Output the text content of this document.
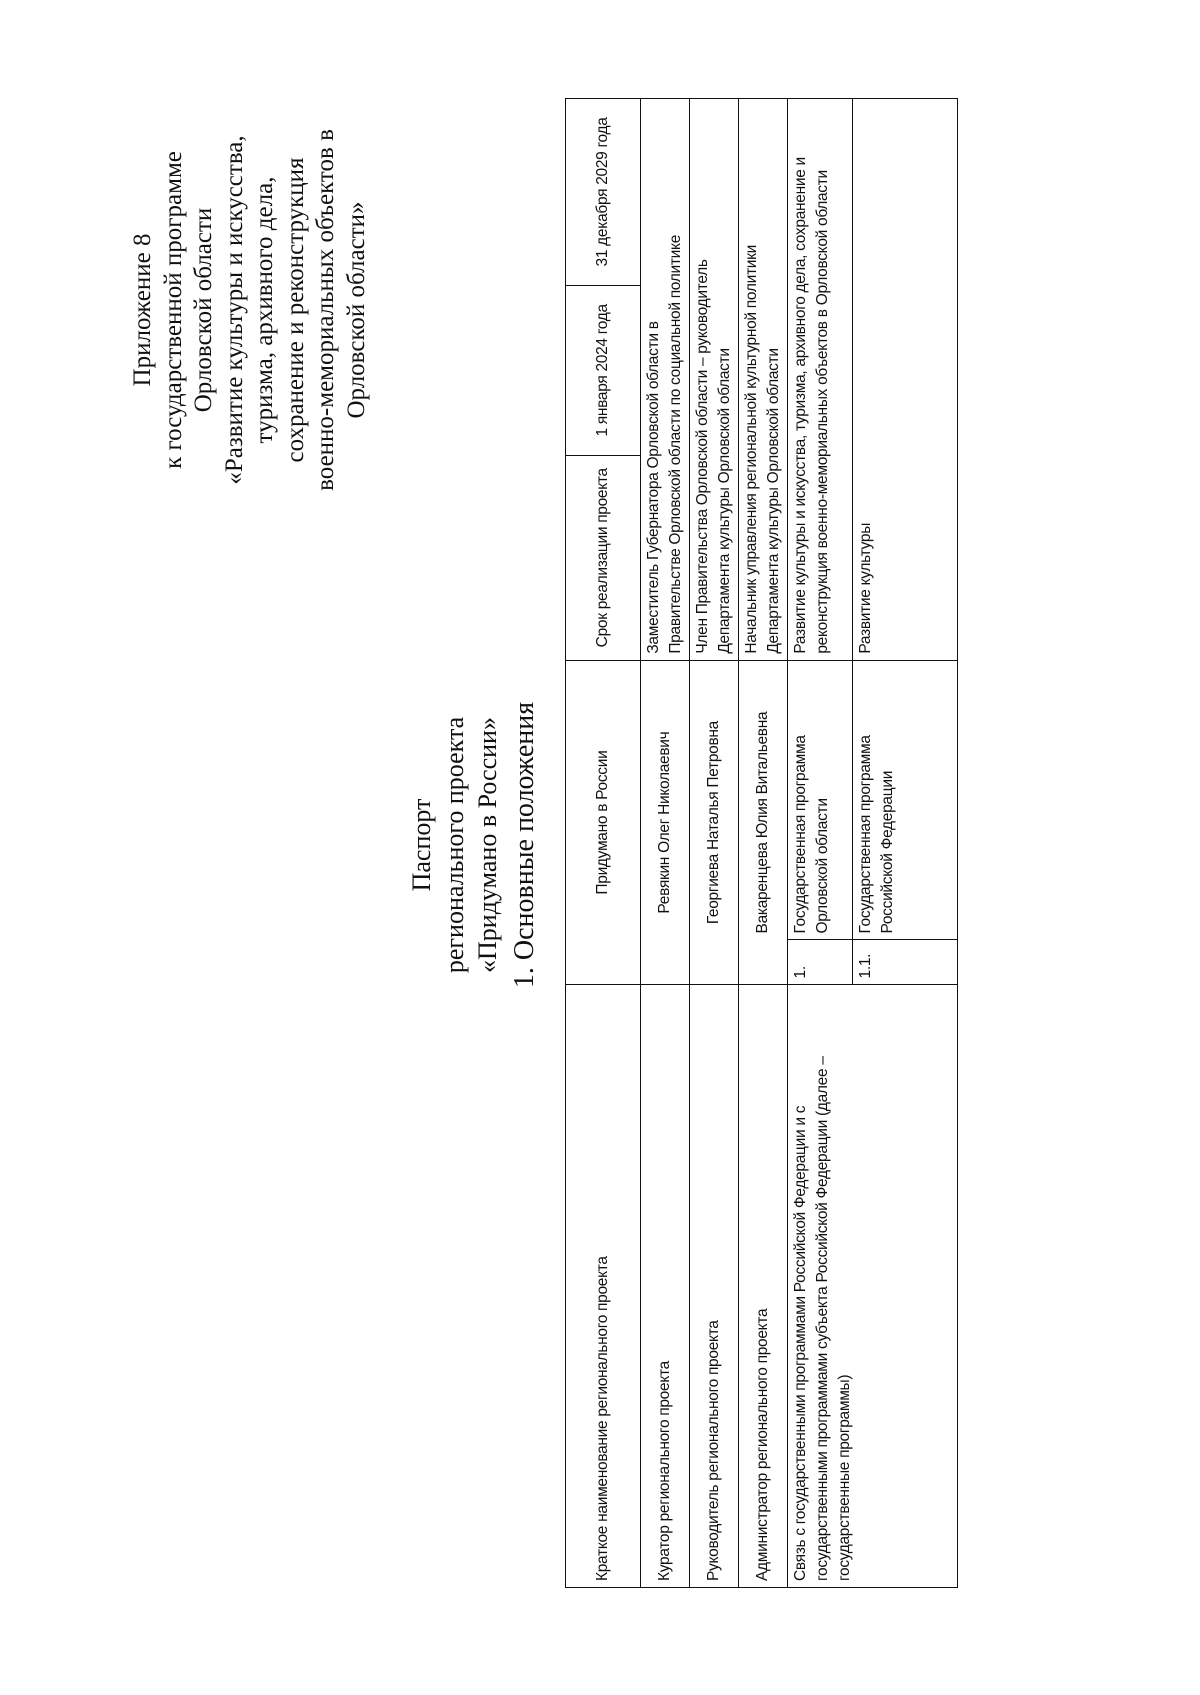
Приложение 8 к государственной программе Орловской области «Развитие культуры и искусства, туризма, архивного дела, сохранение и реконструкция военно-мемориальных объектов в Орловской области»
Паспорт регионального проекта «Придумано в России» 1. Основные положения
Краткое наименование регионального проекта	Придумано в России		Срок реализации проекта	1 января 2024 года	31 декабря 2029 года
Куратор регионального проекта	Ревякин Олег Николаевич		Заместитель Губернатора Орловской области в
Правительстве Орловской области по социальной политике		
Руководитель регионального проекта	Георгиева Наталья Петровна		Член Правительства Орловской области – руководитель
Департамента культуры Орловской области		
Администратор регионального проекта	Вакаренцева Юлия Витальевна		Начальник управления региональной культурной политики
Департамента культуры Орловской области		
Связь с государственными программами Российской Федерации и с государственными программами субъекта Российской Федерации (далее – государственные программы)	1.	Государственная программа Орловской области	Развитие культуры и искусства, туризма, архивного дела, сохранение и реконструкция военно-мемориальных объектов в Орловской области		
	1.1.	Государственная программа Российской Федерации	Развитие культуры		
